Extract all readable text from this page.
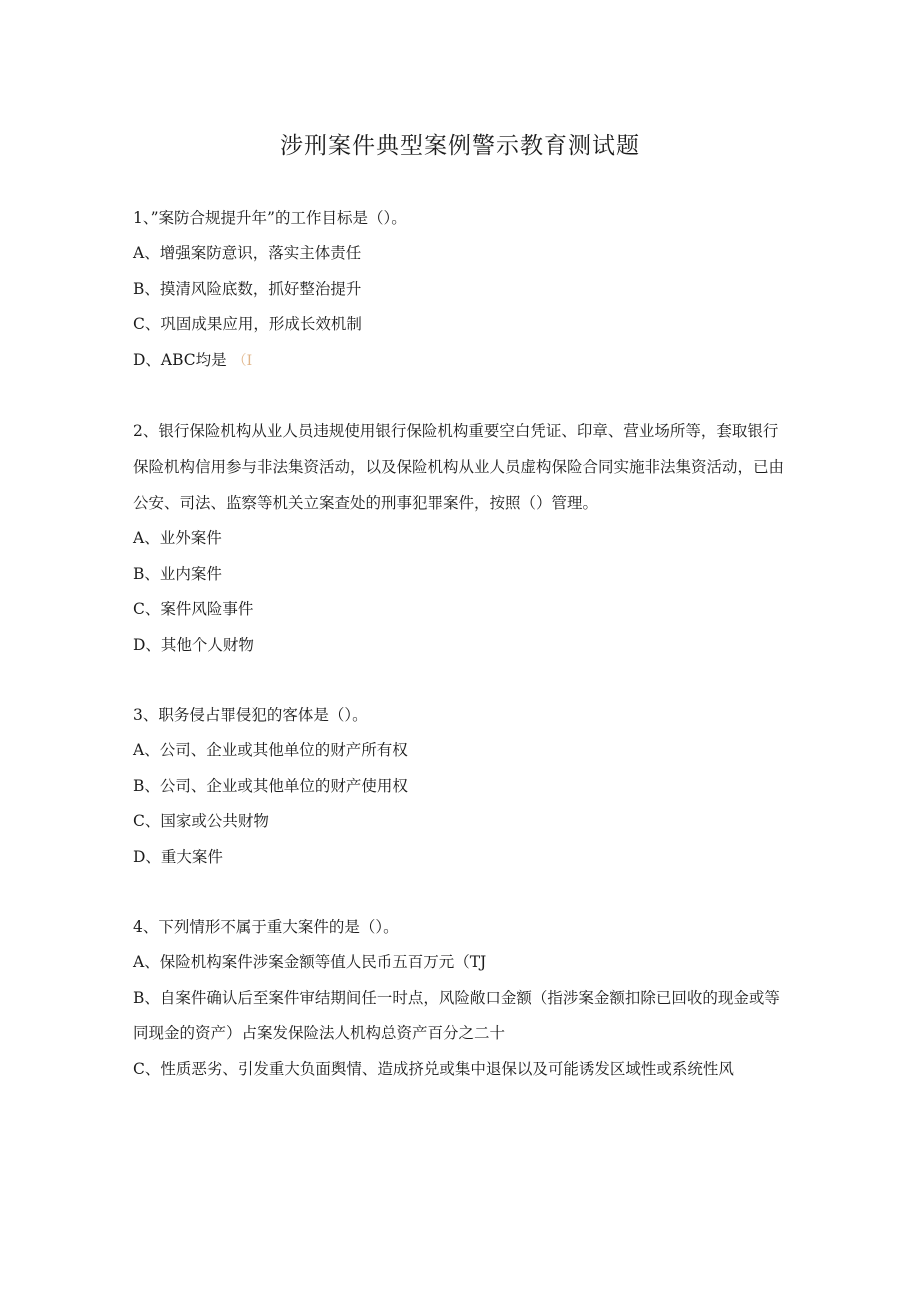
涉刑案件典型案例警示教育测试题

1、”案防合规提升年”的工作目标是（）。

A、增强案防意识，落实主体责任

B、摸清风险底数，抓好整治提升

C、巩固成果应用，形成长效机制

D、ABC均是 （I

2、银行保险机构从业人员违规使用银行保险机构重要空白凭证、印章、营业场所等，套取银行保险机构信用参与非法集资活动，以及保险机构从业人员虚构保险合同实施非法集资活动，已由公安、司法、监察等机关立案查处的刑事犯罪案件，按照（）管理。

A、业外案件

B、业内案件

C、案件风险事件

D、其他个人财物

3、职务侵占罪侵犯的客体是（）。

A、公司、企业或其他单位的财产所有权

B、公司、企业或其他单位的财产使用权

C、国家或公共财物

D、重大案件

4、下列情形不属于重大案件的是（）。

A、保险机构案件涉案金额等值人民币五百万元（TJ

B、自案件确认后至案件审结期间任一时点，风险敞口金额（指涉案金额扣除已回收的现金或等同现金的资产）占案发保险法人机构总资产百分之二十

C、性质恶劣、引发重大负面舆情、造成挤兑或集中退保以及可能诱发区域性或系统性风
